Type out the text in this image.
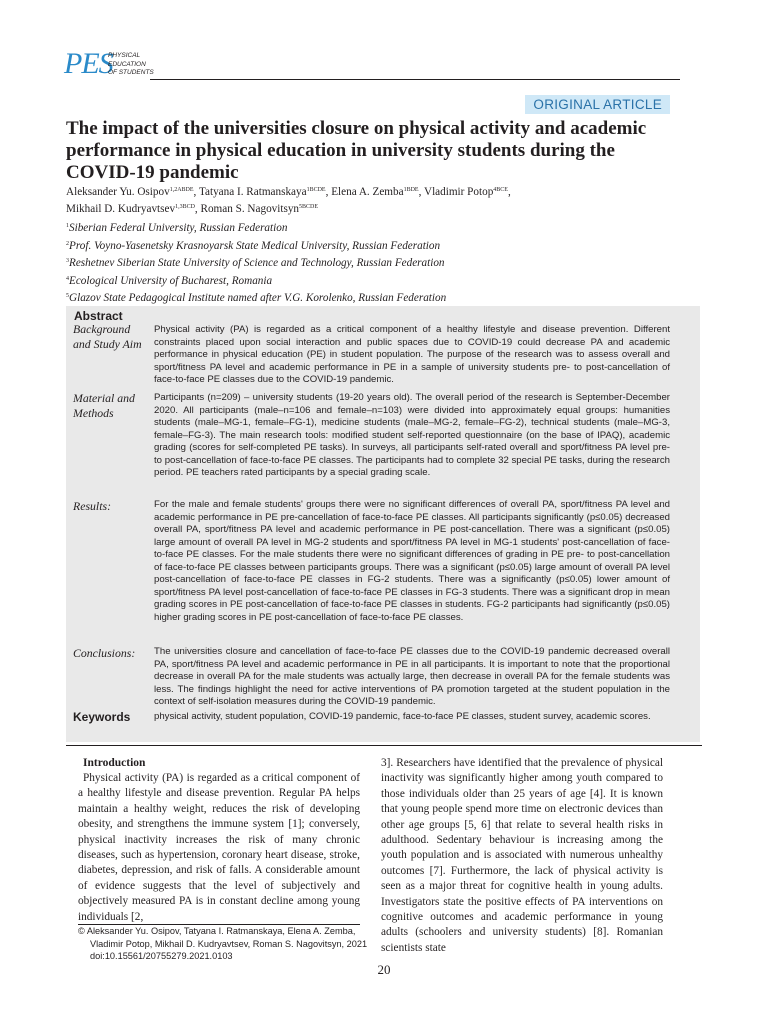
PES
PHYSICAL
EDUCATION
OF STUDENTS
ORIGINAL ARTICLE
The impact of the universities closure on physical activity and academic performance in physical education in university students during the COVID-19 pandemic

Aleksander Yu. Osipov$^{1,2ABDE}$, Tatyana I. Ratmanskaya$^{1BCDE}$, Elena A. Zemba$^{1BDE}$, Vladimir Potop$^{4BCE}$,
Mikhail D. Kudryavtsev$^{1,3BCD}$, Roman S. Nagovitsyn$^{5BCDE}$

$^1$Siberian Federal University, Russian Federation
$^2$Prof. Voyno-Yasenetsky Krasnoyarsk State Medical University, Russian Federation
$^3$Reshetnev Siberian State University of Science and Technology, Russian Federation
$^4$Ecological University of Bucharest, Romania
$^5$Glazov State Pedagogical Institute named after V.G. Korolenko, Russian Federation
Abstract
Background and Study Aim

Physical activity (PA) is regarded as a critical component of a healthy lifestyle and disease prevention. Different constraints placed upon social interaction and public spaces due to COVID-19 could decrease PA and academic performance in physical education (PE) in student population. The purpose of the research was to assess overall and sport/fitness PA level and academic performance in PE in a sample of university students pre- to post-cancellation of face-to-face PE classes due to the COVID-19 pandemic.

Material and Methods

Participants (n=209) – university students (19-20 years old). The overall period of the research is September-December 2020. All participants (male–n=106 and female–n=103) were divided into approximately equal groups: humanities students (male–MG-1, female–FG-1), medicine students (male–MG-2, female–FG-2), technical students (male–MG-3, female–FG-3). The main research tools: modified student self-reported questionnaire (on the base of IPAQ), academic grading (scores for self-completed PE tasks). In surveys, all participants self-rated overall and sport/fitness PA level pre- to post-cancellation of face-to-face PE classes. The participants had to complete 32 special PE tasks, during the research period. PE teachers rated participants by a special grading scale.

Results:	For the male and female students' groups there were no significant differences of overall PA, sport/fitness PA level and academic performance in PE pre-cancellation of face-to-face PE classes. All participants significantly (p≤0.05) decreased overall PA, sport/fitness PA level and academic performance in PE post-cancellation. There was a significant (p≤0.05) large amount of overall PA level in MG-2 students and sport/fitness PA level in MG-1 students' post-cancellation of face-to-face PE classes. For the male students there were no significant differences of grading in PE pre- to post-cancellation of face-to-face PE classes between participants groups. There was a significant (p≤0.05) large amount of overall PA level post-cancellation of face-to-face PE classes in FG-2 students. There was a significantly (p≤0.05) lower amount of sport/fitness PA level post-cancellation of face-to-face PE classes in FG-3 students. There was a significant drop in mean grading scores in PE post-cancellation of face-to-face PE classes in students. FG-2 participants had significantly (p≤0.05) higher grading scores in PE post-cancellation of face-to-face PE classes.

Conclusions:	The universities closure and cancellation of face-to-face PE classes due to the COVID-19 pandemic decreased overall PA, sport/fitness PA level and academic performance in PE in all participants. It is important to note that the proportional decrease in overall PA for the male students was actually large, then decrease in overall PA for the female students was less. The findings highlight the need for active interventions of PA promotion targeted at the student population in the context of self-isolation measures during the COVID-19 pandemic.

Keywords physical activity, student population, COVID-19 pandemic, face-to-face PE classes, student survey, academic scores.

Introduction

Physical activity (PA) is regarded as a critical component of a healthy lifestyle and disease prevention. Regular PA helps maintain a healthy weight, reduces the risk of developing obesity, and strengthens the immune system [1]; conversely, physical inactivity increases the risk of many chronic diseases, such as hypertension, coronary heart disease, stroke, diabetes, depression, and risk of falls. A considerable amount of evidence suggests that the level of subjectively and objectively measured PA is in constant decline among young individuals [2,

3]. Researchers have identified that the prevalence of physical inactivity was significantly higher among youth compared to those individuals older than 25 years of age [4]. It is known that young people spend more time on electronic devices than other age groups [5, 6] that relate to several health risks in adulthood. Sedentary behaviour is increasing among the youth population and is associated with numerous unhealthy outcomes [7]. Furthermore, the lack of physical activity is seen as a major threat for cognitive health in young adults. Investigators state the positive effects of PA interventions on cognitive outcomes and academic performance in young adults (schoolers and university students) [8]. Romanian scientists state

© Aleksander Yu. Osipov, Tatyana I. Ratmanskaya, Elena A. Zemba,
Vladimir Potop, Mikhail D. Kudryavtsev, Roman S. Nagovitsyn, 2021
doi:10.15561/20755279.2021.0103
20
